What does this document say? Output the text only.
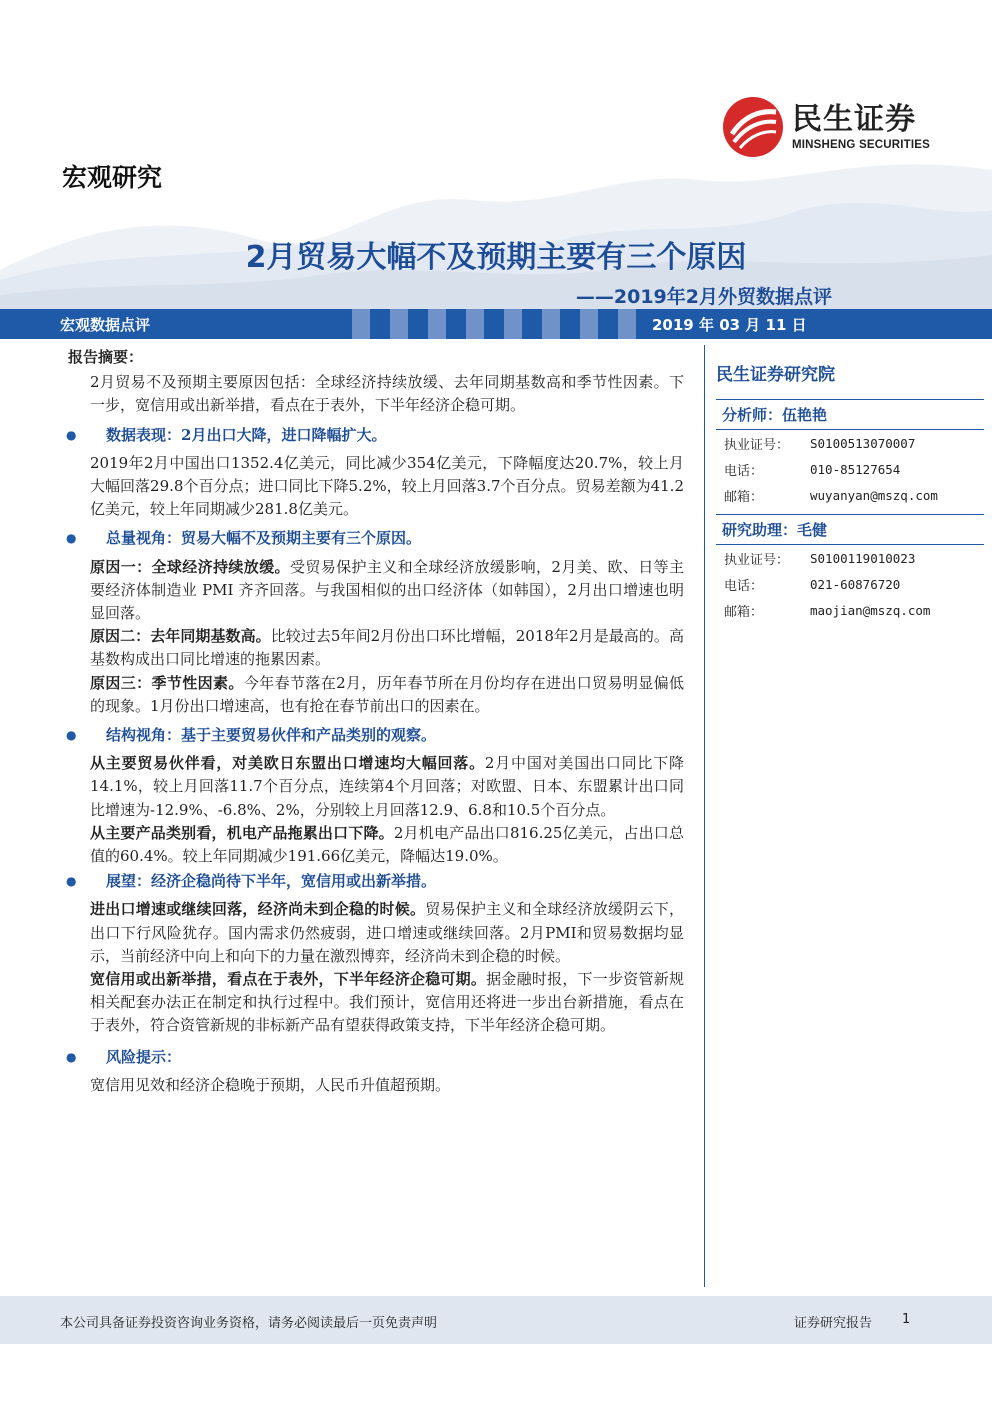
民生证券
MINSHENG SECURITIES
宏观研究
2月贸易大幅不及预期主要有三个原因
——2019年2月外贸数据点评
宏观数据点评	2019 年 03 月 11 日
报告摘要：

2月贸易不及预期主要原因包括：全球经济持续放缓、去年同期基数高和季节性因素。下一步，宽信用或出新举措，看点在于表外，下半年经济企稳可期。

●	数据表现：2月出口大降，进口降幅扩大。

2019年2月中国出口1352.4亿美元，同比减少354亿美元，下降幅度达20.7%，较上月大幅回落29.8个百分点；进口同比下降5.2%，较上月回落3.7个百分点。贸易差额为41.2亿美元，较上年同期减少281.8亿美元。

●	总量视角：贸易大幅不及预期主要有三个原因。

原因一：全球经济持续放缓。受贸易保护主义和全球经济放缓影响，2月美、欧、日等主要经济体制造业 PMI 齐齐回落。与我国相似的出口经济体（如韩国），2月出口增速也明显回落。

原因二：去年同期基数高。比较过去5年间2月份出口环比增幅，2018年2月是最高的。高基数构成出口同比增速的拖累因素。

原因三：季节性因素。今年春节落在2月，历年春节所在月份均存在进出口贸易明显偏低的现象。1月份出口增速高，也有抢在春节前出口的因素在。

●	结构视角：基于主要贸易伙伴和产品类别的观察。

从主要贸易伙伴看，对美欧日东盟出口增速均大幅回落。2月中国对美国出口同比下降14.1%，较上月回落11.7个百分点，连续第4个月回落；对欧盟、日本、东盟累计出口同比增速为-12.9%、-6.8%、2%，分别较上月回落12.9、6.8和10.5个百分点。

从主要产品类别看，机电产品拖累出口下降。2月机电产品出口816.25亿美元，占出口总值的60.4%。较上年同期减少191.66亿美元，降幅达19.0%。

●	展望：经济企稳尚待下半年，宽信用或出新举措。

进出口增速或继续回落，经济尚未到企稳的时候。贸易保护主义和全球经济放缓阴云下，出口下行风险犹存。国内需求仍然疲弱，进口增速或继续回落。2月PMI和贸易数据均显示，当前经济中向上和向下的力量在激烈博弈，经济尚未到企稳的时候。

宽信用或出新举措，看点在于表外，下半年经济企稳可期。据金融时报，下一步资管新规相关配套办法正在制定和执行过程中。我们预计，宽信用还将进一步出台新措施，看点在于表外，符合资管新规的非标新产品有望获得政策支持，下半年经济企稳可期。

●	风险提示：

宽信用见效和经济企稳晚于预期，人民币升值超预期。

民生证券研究院
分析师：伍艳艳
执业证号：	S0100513070007
电话：	010-85127654
邮箱：	wuyanyan@mszq.com
研究助理：毛健
执业证号：	S0100119010023
电话：	021-60876720
邮箱：	maojian@mszq.com
本公司具备证券投资咨询业务资格，请务必阅读最后一页免责声明	证券研究报告 1
